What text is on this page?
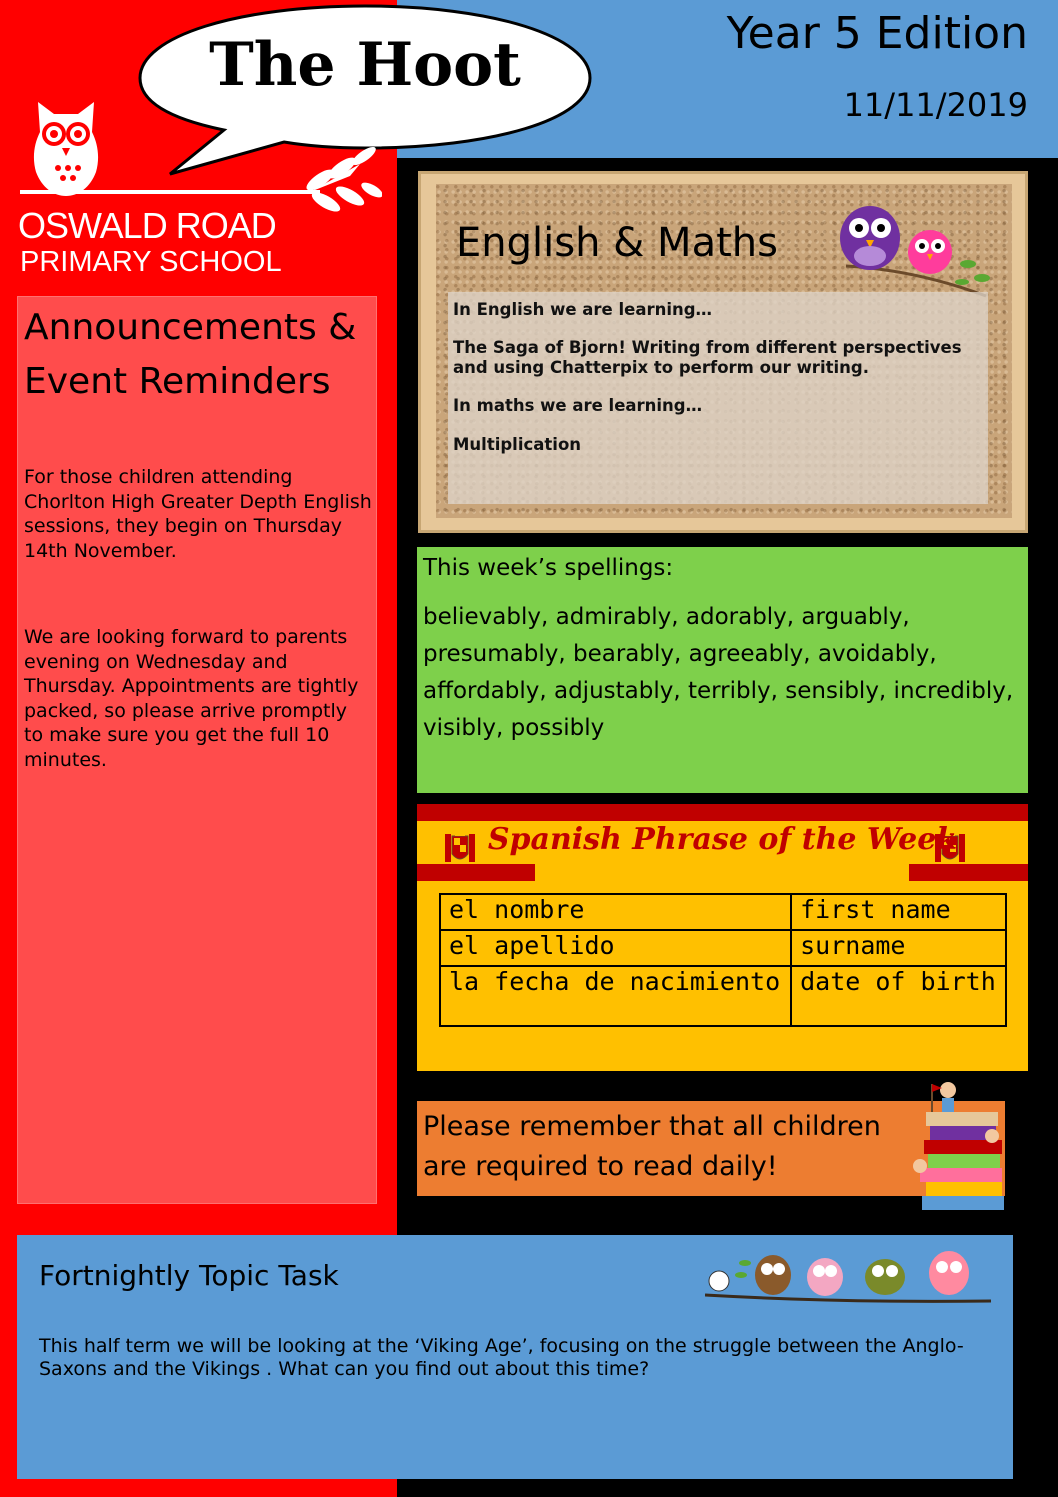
Year 5 Edition
11/11/2019
The Hoot
OSWALD ROAD
PRIMARY SCHOOL
Announcements & Event Reminders
For those children attending Chorlton High Greater Depth English sessions, they begin on Thursday 14th November.
We are looking forward to parents evening on Wednesday and Thursday. Appointments are tightly packed, so please arrive promptly to make sure you get the full 10 minutes.
English & Maths
In English we are learning…
The Saga of Bjorn! Writing from different perspectives and using Chatterpix to perform our writing.
In maths we are learning…
Multiplication
This week’s spellings:
believably, admirably, adorably, arguably, presumably, bearably, agreeably, avoidably, affordably, adjustably, terribly, sensibly, incredibly, visibly, possibly
Spanish Phrase of the Week
el nombre	first name
el apellido	surname
la fecha de nacimiento	date of birth
Please remember that all children are required to read daily!
Fortnightly Topic Task
This half term we will be looking at the ‘Viking Age’, focusing on the struggle between the Anglo-Saxons and the Vikings . What can you find out about this time?
